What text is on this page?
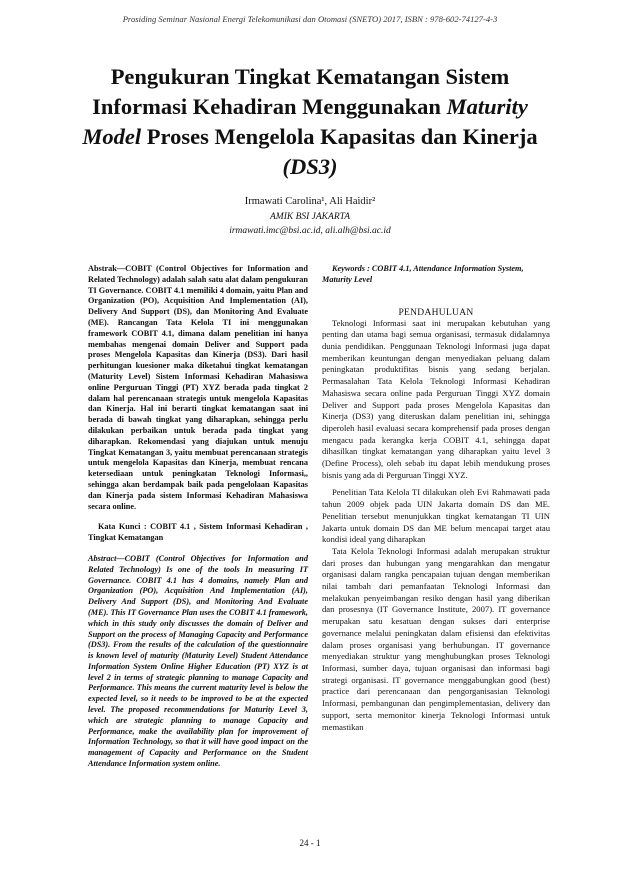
Prosiding Seminar Nasional Energi Telekomunikasi dan Otomasi (SNETO) 2017, ISBN : 978-602-74127-4-3
Pengukuran Tingkat Kematangan Sistem
Informasi Kehadiran Menggunakan Maturity
Model Proses Mengelola Kapasitas dan Kinerja
(DS3)
Irmawati Carolina¹, Ali Haidir²
AMIK BSI JAKARTA
irmawati.imc@bsi.ac.id, ali.alh@bsi.ac.id

Abstrak—COBIT (Control Objectives for Information and Related Technology) adalah salah satu alat dalam pengukuran TI Governance. COBIT 4.1 memiliki 4 domain, yaitu Plan and Organization (PO), Acquisition And Implementation (AI), Delivery And Support (DS), dan Monitoring And Evaluate (ME). Rancangan Tata Kelola TI ini menggunakan framework COBIT 4.1, dimana dalam penelitian ini hanya membahas mengenai domain Deliver and Support pada proses Mengelola Kapasitas dan Kinerja (DS3). Dari hasil perhitungan kuesioner maka diketahui tingkat kematangan (Maturity Level) Sistem Informasi Kehadiran Mahasiswa online Perguruan Tinggi (PT) XYZ berada pada tingkat 2 dalam hal perencanaan strategis untuk mengelola Kapasitas dan Kinerja. Hal ini berarti tingkat kematangan saat ini berada di bawah tingkat yang diharapkan, sehingga perlu dilakukan perbaikan untuk berada pada tingkat yang diharapkan. Rekomendasi yang diajukan untuk menuju Tingkat Kematangan 3, yaitu membuat perencanaan strategis untuk mengelola Kapasitas dan Kinerja, membuat rencana ketersediaan untuk peningkatan Teknologi Informasi,, sehingga akan berdampak baik pada pengelolaan Kapasitas dan Kinerja pada sistem Informasi Kehadiran Mahasiswa secara online.

Kata Kunci : COBIT 4.1 , Sistem Informasi Kehadiran , Tingkat Kematangan

Abstract—COBIT (Control Objectives for Information and Related Technology) Is one of the tools In measuring IT Governance. COBIT 4.1 has 4 domains, namely Plan and Organization (PO), Acquisition And Implementation (AI), Delivery And Support (DS), and Monitoring And Evaluate (ME). This IT Governance Plan uses the COBIT 4.1 framework, which in this study only discusses the domain of Deliver and Support on the process of Managing Capacity and Performance (DS3). From the results of the calculation of the questionnaire is known level of maturity (Maturity Level) Student Attendance Information System Online Higher Education (PT) XYZ is at level 2 in terms of strategic planning to manage Capacity and Performance. This means the current maturity level is below the expected level, so it needs to be improved to be at the expected level. The proposed recommendations for Maturity Level 3, which are strategic planning to manage Capacity and Performance, make the availability plan for improvement of Information Technology, so that it will have good impact on the management of Capacity and Performance on the Student Attendance Information system online.

Keywords : COBIT 4.1, Attendance Information System, Maturity Level

PENDAHULUAN

Teknologi Informasi saat ini merupakan kebutuhan yang penting dan utama bagi semua organisasi, termasuk didalamnya dunia pendidikan. Penggunaan Teknologi Informasi juga dapat memberikan keuntungan dengan menyediakan peluang dalam peningkatan produktifitas bisnis yang sedang berjalan. Permasalahan Tata Kelola Teknologi Informasi Kehadiran Mahasiswa secara online pada Perguruan Tinggi XYZ domain Deliver and Support pada proses Mengelola Kapasitas dan Kinerja (DS3) yang diteruskan dalam penelitian ini, sehingga diperoleh hasil evaluasi secara komprehensif pada proses dengan mengacu pada kerangka kerja COBIT 4.1, sehingga dapat dihasilkan tingkat kematangan yang diharapkan yaitu level 3 (Define Process), oleh sebab itu dapat lebih mendukung proses bisnis yang ada di Perguruan Tinggi XYZ.

Penelitian Tata Kelola TI dilakukan oleh Evi Rahmawati pada tahun 2009 objek pada UIN Jakarta domain DS dan ME. Penelitian tersebut menunjukkan tingkat kematangan TI UIN Jakarta untuk domain DS dan ME belum mencapai target atau kondisi ideal yang diharapkan

Tata Kelola Teknologi Informasi adalah merupakan struktur dari proses dan hubungan yang mengarahkan dan mengatur organisasi dalam rangka pencapaian tujuan dengan memberikan nilai tambah dari pemanfaatan Teknologi Informasi dan melakukan penyeimbangan resiko dengan hasil yang diberikan dan prosesnya (IT Governance Institute, 2007). IT governance merupakan satu kesatuan dengan sukses dari enterprise governance melalui peningkatan dalam efisiensi dan efektivitas dalam proses organisasi yang berhubungan. IT governance menyediakan struktur yang menghubungkan proses Teknologi Informasi, sumber daya, tujuan organisasi dan informasi bagi strategi organisasi. IT governance menggabungkan good (best) practice dari perencanaan dan pengorganisasian Teknologi Informasi, pembangunan dan pengimplementasian, delivery dan support, serta memonitor kinerja Teknologi Informasi untuk memastikan

24 - 1
